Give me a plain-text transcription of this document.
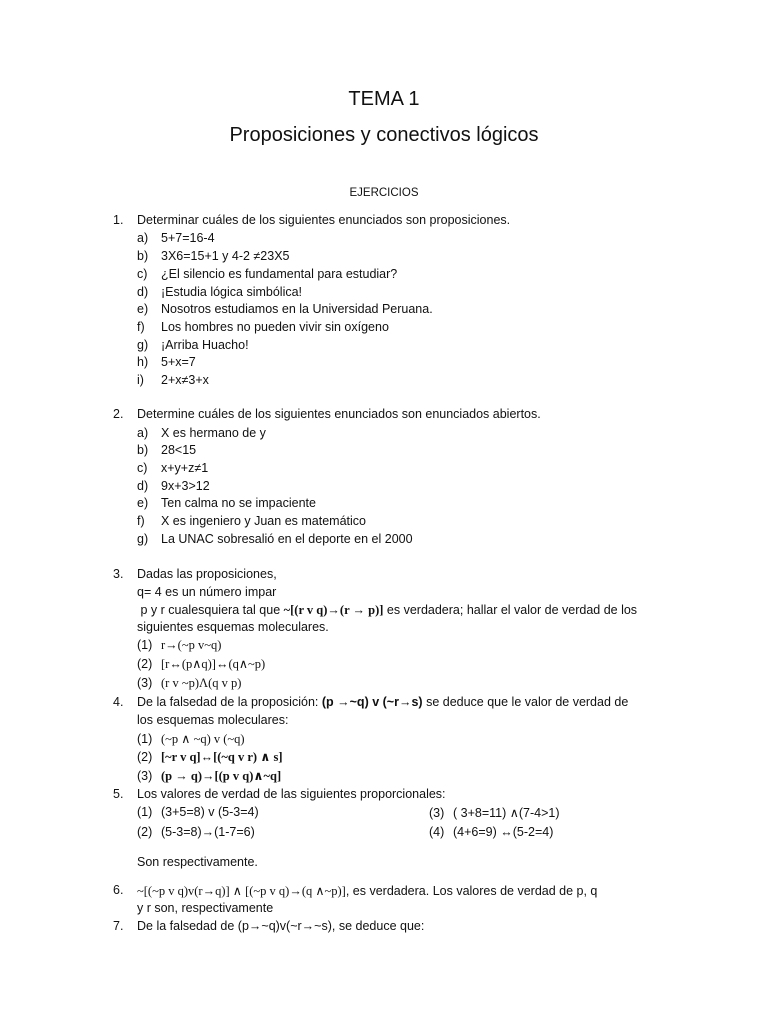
TEMA 1
Proposiciones y conectivos lógicos
EJERCICIOS
1. Determinar cuáles de los siguientes enunciados son proposiciones.
a) 5+7=16-4
b) 3X6=15+1 y 4-2 ≠23X5
c) ¿El silencio es fundamental para estudiar?
d) ¡Estudia lógica simbólica!
e) Nosotros estudiamos en la Universidad Peruana.
f) Los hombres no pueden vivir sin oxígeno
g) ¡Arriba Huacho!
h) 5+x=7
i) 2+x≠3+x
2. Determine cuáles de los siguientes enunciados son enunciados abiertos.
a) X es hermano de y
b) 28<15
c) x+y+z≠1
d) 9x+3>12
e) Ten calma no se impaciente
f) X es ingeniero y Juan es matemático
g) La UNAC sobresalió en el deporte en el 2000
3. Dadas las proposiciones,
q= 4 es un número impar
p y r cualesquiera tal que ~[(r v q)→(r → p)] es verdadera; hallar el valor de verdad de los
siguientes esquemas moleculares.
(1) r→(~p v~q)
(2) [r↔(p∧q)]↔(q∧~p)
(3) (r v ~p)Λ(q v p)
4. De la falsedad de la proposición: (p →~q) v (~r→s) se deduce que le valor de verdad de
los esquemas moleculares:
(1) (~p ∧ ~q) v (~q)
(2) [~r v q]↔[(~q v r) ∧ s]
(3) (p → q)→[(p v q)∧~q]
5. Los valores de verdad de las siguientes proporcionales:
(1) (3+5=8) v (5-3=4)	(3) ( 3+8=11) ∧(7-4>1)
(2) (5-3=8)→(1-7=6)	(4) (4+6=9) ↔(5-2=4)
Son respectivamente.
6. ~[(~p v q)v(r→q)] ∧ [(~p v q)→(q ∧~p)], es verdadera. Los valores de verdad de p, q
y r son, respectivamente
7. De la falsedad de (p→~q)v(~r→~s), se deduce que:
